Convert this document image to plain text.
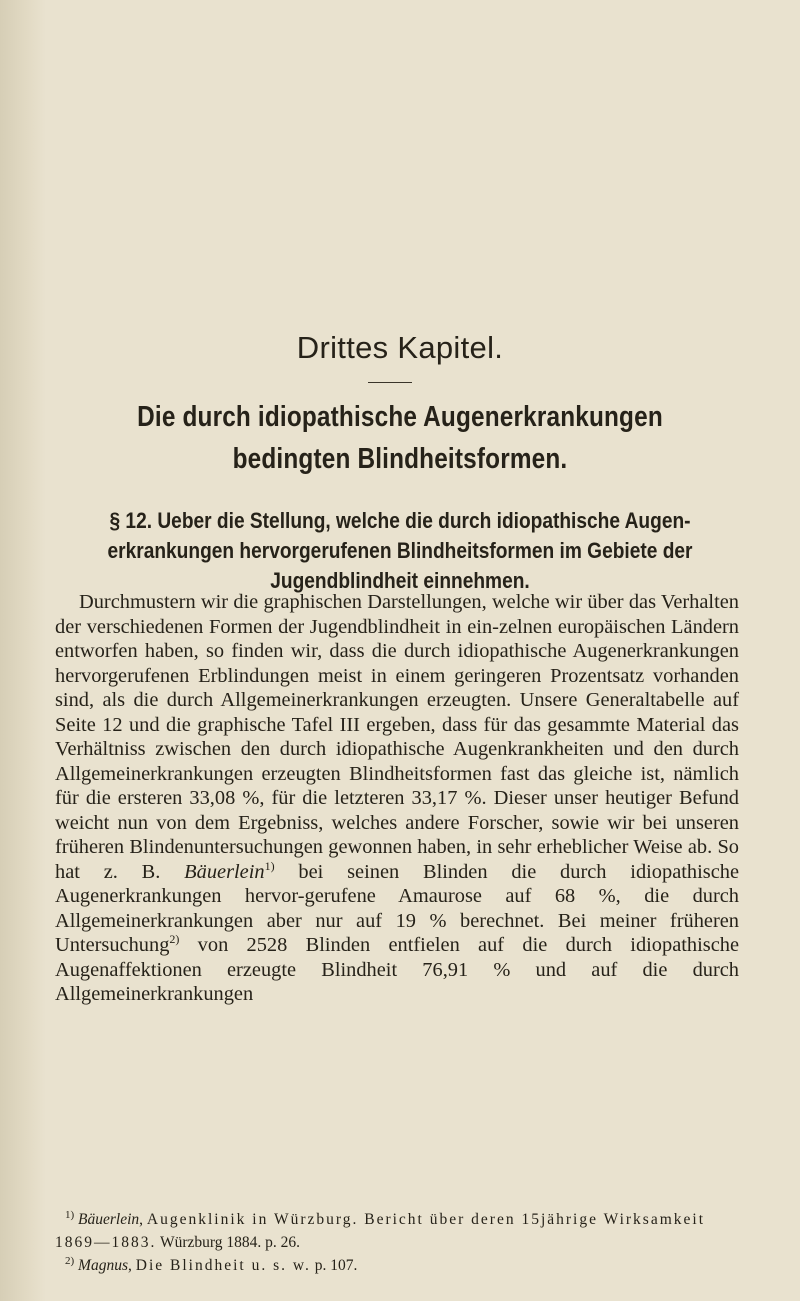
Drittes Kapitel.
Die durch idiopathische Augenerkrankungen bedingten Blindheitsformen.
§ 12. Ueber die Stellung, welche die durch idiopathische Augen-erkrankungen hervorgerufenen Blindheitsformen im Gebiete der Jugendblindheit einnehmen.

Durchmustern wir die graphischen Darstellungen, welche wir über das Verhalten der verschiedenen Formen der Jugendblindheit in ein-zelnen europäischen Ländern entworfen haben, so finden wir, dass die durch idiopathische Augenerkrankungen hervorgerufenen Erblindungen meist in einem geringeren Prozentsatz vorhanden sind, als die durch Allgemeinerkrankungen erzeugten. Unsere Generaltabelle auf Seite 12 und die graphische Tafel III ergeben, dass für das gesammte Material das Verhältniss zwischen den durch idiopathische Augenkrankheiten und den durch Allgemeinerkrankungen erzeugten Blindheitsformen fast das gleiche ist, nämlich für die ersteren 33,08 %, für die letzteren 33,17 %. Dieser unser heutiger Befund weicht nun von dem Ergebniss, welches andere Forscher, sowie wir bei unseren früheren Blindenuntersuchungen gewonnen haben, in sehr erheblicher Weise ab. So hat z. B. Bäuerlein$^{1)}$ bei seinen Blinden die durch idiopathische Augenerkrankungen hervor-gerufene Amaurose auf 68 %, die durch Allgemeinerkrankungen aber nur auf 19 % berechnet. Bei meiner früheren Untersuchung$^{2)}$ von 2528 Blinden entfielen auf die durch idiopathische Augenaffektionen erzeugte Blindheit 76,91 % und auf die durch Allgemeinerkrankungen

$^{1)}$ Bäuerlein, Augenklinik in Würzburg. Bericht über deren 15jährige Wirksamkeit 1869—1883. Würzburg 1884. p. 26.

$^{2)}$ Magnus, Die Blindheit u. s. w. p. 107.
